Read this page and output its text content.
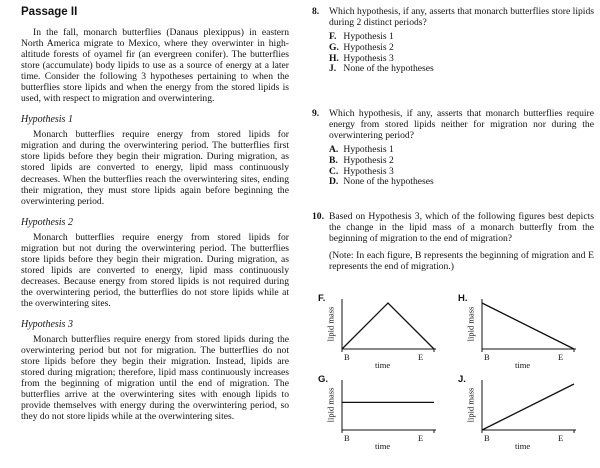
Passage II

In the fall, monarch butterflies (Danaus plexippus) in eastern North America migrate to Mexico, where they overwinter in high-altitude forests of oyamel fir (an evergreen conifer). The butterflies store (accumulate) body lipids to use as a source of energy at a later time. Consider the following 3 hypotheses pertaining to when the butterflies store lipids and when the energy from the stored lipids is used, with respect to migration and overwintering.

Hypothesis 1

Monarch butterflies require energy from stored lipids for migration and during the overwintering period. The butterflies first store lipids before they begin their migration. During migration, as stored lipids are converted to energy, lipid mass continuously decreases. When the butterflies reach the overwintering sites, ending their migration, they must store lipids again before beginning the overwintering period.

Hypothesis 2

Monarch butterflies require energy from stored lipids for migration but not during the overwintering period. The butterflies store lipids before they begin their migration. During migration, as stored lipids are converted to energy, lipid mass continuously decreases. Because energy from stored lipids is not required during the overwintering period, the butterflies do not store lipids while at the overwintering sites.

Hypothesis 3

Monarch butterflies require energy from stored lipids during the overwintering period but not for migration. The butterflies do not store lipids before they begin their migration. Instead, lipids are stored during migration; therefore, lipid mass continuously increases from the beginning of migration until the end of migration. The butterflies arrive at the overwintering sites with enough lipids to provide themselves with energy during the overwintering period, so they do not store lipids while at the overwintering sites.

8.	Which hypothesis, if any, asserts that monarch butterflies store lipids during 2 distinct periods?
F. Hypothesis 1
G. Hypothesis 2
H. Hypothesis 3
J. None of the hypotheses
9.	Which hypothesis, if any, asserts that monarch butterflies require energy from stored lipids neither for migration nor during the overwintering period?
A. Hypothesis 1
B. Hypothesis 2
C. Hypothesis 3
D. None of the hypotheses
10. Based on Hypothesis 3, which of the following figures best depicts the change in the lipid mass of a monarch butterfly from the beginning of migration to the end of migration?
(Note: In each figure, B represents the beginning of migration and E represents the end of migration.)
F.
lipid mass
B	E
time
H.
lipid mass
B	E
time
G.
lipid mass
B	E
time
J.
lipid mass
B	E
time
